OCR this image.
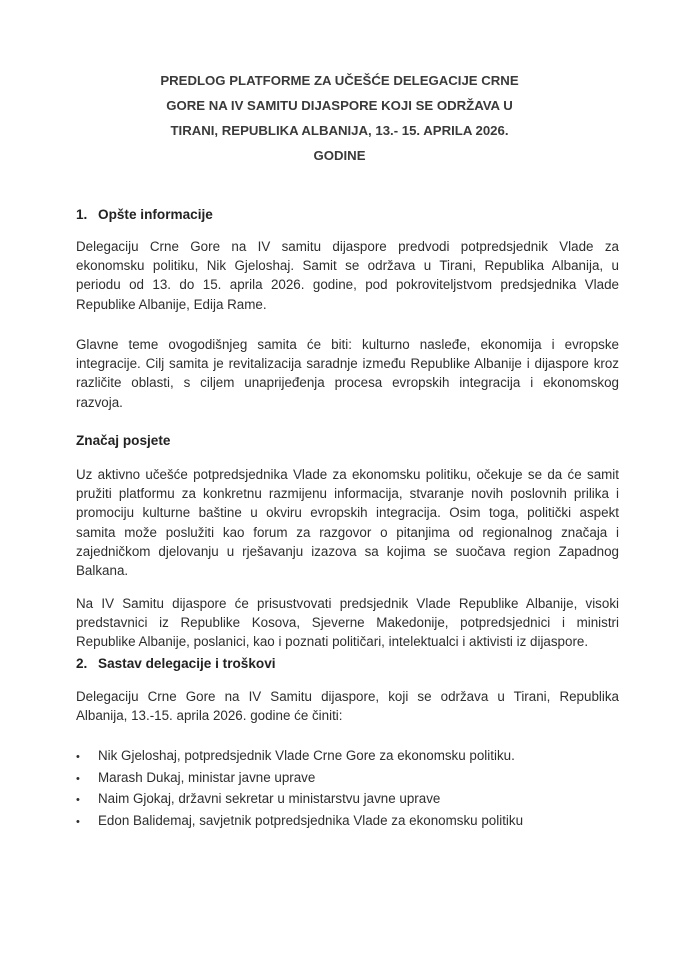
PREDLOG PLATFORME ZA UČEŠĆE DELEGACIJE CRNE
GORE NA IV SAMITU DIJASPORE KOJI SE ODRŽAVA U
TIRANI, REPUBLIKA ALBANIJA, 13.- 15. APRILA 2026.
GODINE
1. Opšte informacije
Delegaciju Crne Gore na IV samitu dijaspore predvodi potpredsjednik Vlade za
ekonomsku politiku, Nik Gjeloshaj. Samit se održava u Tirani, Republika Albanija, u
periodu od 13. do 15. aprila 2026. godine, pod pokroviteljstvom predsjednika Vlade
Republike Albanije, Edija Rame.
Glavne teme ovogodišnjeg samita će biti: kulturno nasleđe, ekonomija i evropske
integracije. Cilj samita je revitalizacija saradnje između Republike Albanije i dijaspore kroz
različite oblasti, s ciljem unaprijeđenja procesa evropskih integracija i ekonomskog
razvoja.
Značaj posjete
Uz aktivno učešće potpredsjednika Vlade za ekonomsku politiku, očekuje se da će samit
pružiti platformu za konkretnu razmijenu informacija, stvaranje novih poslovnih prilika i
promociju kulturne baštine u okviru evropskih integracija. Osim toga, politički aspekt
samita može poslužiti kao forum za razgovor o pitanjima od regionalnog značaja i
zajedničkom djelovanju u rješavanju izazova sa kojima se suočava region Zapadnog
Balkana.
Na IV Samitu dijaspore će prisustvovati predsjednik Vlade Republike Albanije, visoki
predstavnici iz Republike Kosova, Sjeverne Makedonije, potpredsjednici i ministri
Republike Albanije, poslanici, kao i poznati političari, intelektualci i aktivisti iz dijaspore.
2. Sastav delegacije i troškovi
Delegaciju Crne Gore na IV Samitu dijaspore, koji se održava u Tirani, Republika
Albanija, 13.-15. aprila 2026. godine će činiti:
• Nik Gjeloshaj, potpredsjednik Vlade Crne Gore za ekonomsku politiku.
• Marash Dukaj, ministar javne uprave
• Naim Gjokaj, državni sekretar u ministarstvu javne uprave
• Edon Balidemaj, savjetnik potpredsjednika Vlade za ekonomsku politiku
